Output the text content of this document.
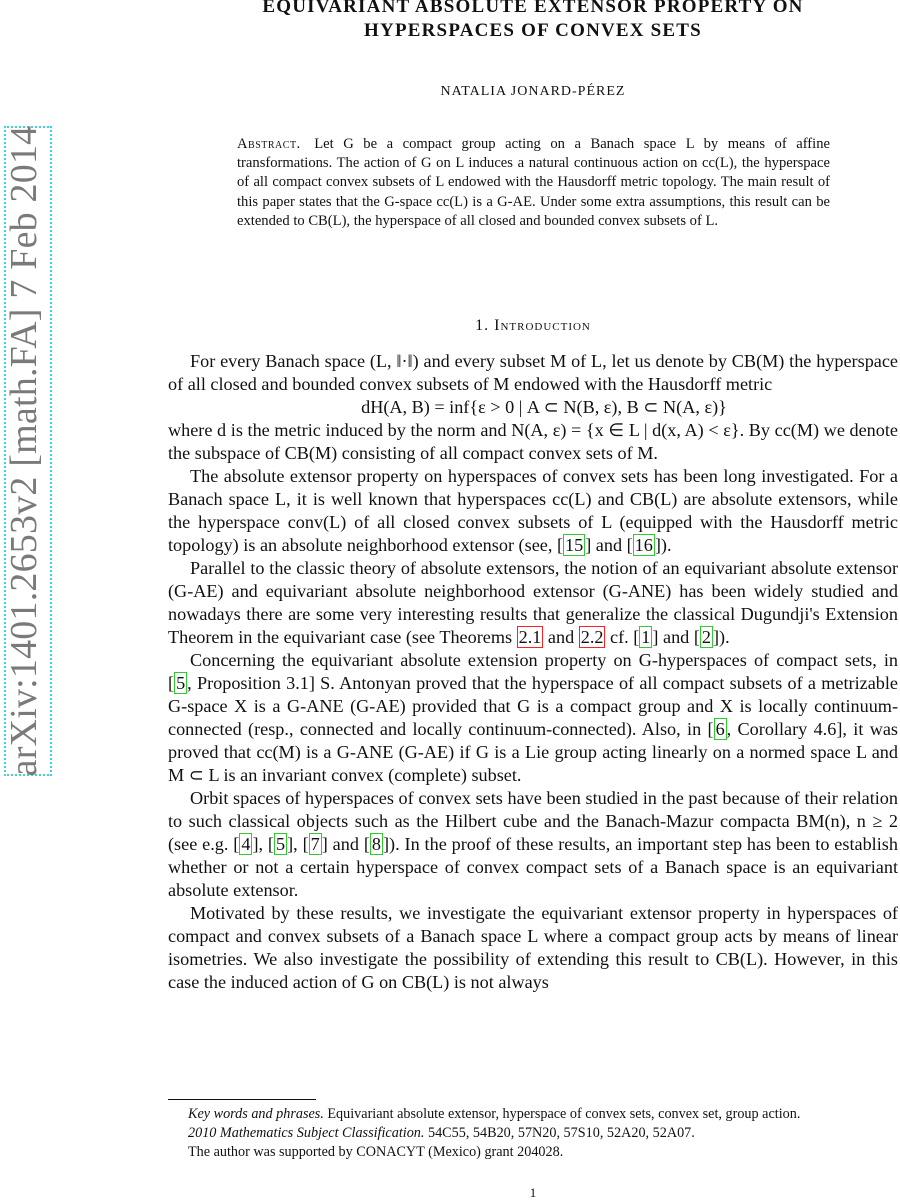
arXiv:1401.2653v2 [math.FA] 7 Feb 2014
EQUIVARIANT ABSOLUTE EXTENSOR PROPERTY ON
HYPERSPACES OF CONVEX SETS
NATALIA JONARD-PÉREZ
Abstract. Let G be a compact group acting on a Banach space L by means of affine transformations. The action of G on L induces a natural continuous action on cc(L), the hyperspace of all compact convex subsets of L endowed with the Hausdorff metric topology. The main result of this paper states that the G-space cc(L) is a G-AE. Under some extra assumptions, this result can be extended to CB(L), the hyperspace of all closed and bounded convex subsets of L.
1. Introduction

For every Banach space (L, ‖·‖) and every subset M of L, let us denote by CB(M) the hyperspace of all closed and bounded convex subsets of M endowed with the Hausdorff metric

dH(A, B) = inf{ε > 0 | A ⊂ N(B, ε), B ⊂ N(A, ε)}

where d is the metric induced by the norm and N(A, ε) = {x ∈ L | d(x, A) < ε}. By cc(M) we denote the subspace of CB(M) consisting of all compact convex sets of M.

The absolute extensor property on hyperspaces of convex sets has been long investigated. For a Banach space L, it is well known that hyperspaces cc(L) and CB(L) are absolute extensors, while the hyperspace conv(L) of all closed convex subsets of L (equipped with the Hausdorff metric topology) is an absolute neighborhood extensor (see, [ 15 ] and [ 16 ]).

Parallel to the classic theory of absolute extensors, the notion of an equivariant absolute extensor (G-AE) and equivariant absolute neighborhood extensor (G-ANE) has been widely studied and nowadays there are some very interesting results that generalize the classical Dugundji's Extension Theorem in the equivariant case (see Theorems 2.1 and 2.2 cf. [ 1 ] and [ 2 ]).

Concerning the equivariant absolute extension property on G-hyperspaces of compact sets, in [ 5 , Proposition 3.1] S. Antonyan proved that the hyperspace of all compact subsets of a metrizable G-space X is a G-ANE (G-AE) provided that G is a compact group and X is locally continuum-connected (resp., connected and locally continuum-connected). Also, in [ 6 , Corollary 4.6], it was proved that cc(M) is a G-ANE (G-AE) if G is a Lie group acting linearly on a normed space L and M ⊂ L is an invariant convex (complete) subset.

Orbit spaces of hyperspaces of convex sets have been studied in the past because of their relation to such classical objects such as the Hilbert cube and the Banach-Mazur compacta BM(n), n ≥ 2 (see e.g. [ 4 ], [ 5 ], [ 7 ] and [ 8 ]). In the proof of these results, an important step has been to establish whether or not a certain hyperspace of convex compact sets of a Banach space is an equivariant absolute extensor.

Motivated by these results, we investigate the equivariant extensor property in hyperspaces of compact and convex subsets of a Banach space L where a compact group acts by means of linear isometries. We also investigate the possibility of extending this result to CB(L). However, in this case the induced action of G on CB(L) is not always

Key words and phrases. Equivariant absolute extensor, hyperspace of convex sets, convex set, group action.

2010 Mathematics Subject Classification. 54C55, 54B20, 57N20, 57S10, 52A20, 52A07.

The author was supported by CONACYT (Mexico) grant 204028.

1
